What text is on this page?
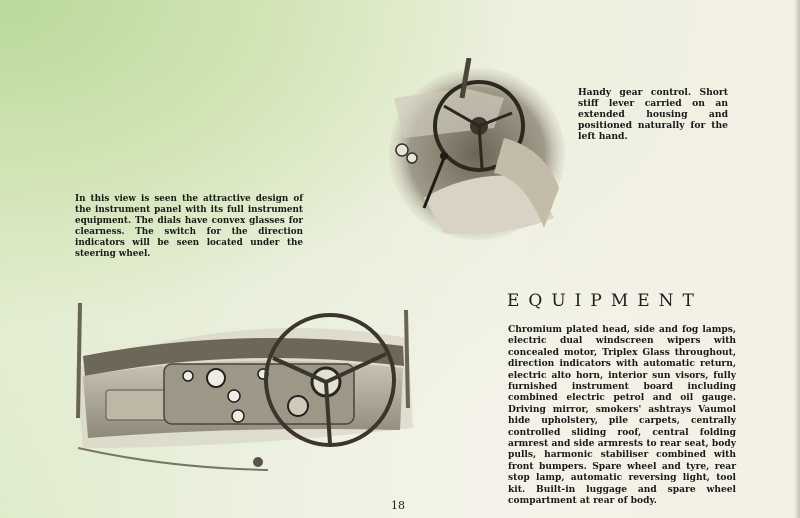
Handy gear control. Short stiff lever carried on an extended housing and positioned naturally for the left hand.
In this view is seen the attractive design of the instrument panel with its full instrument equipment. The dials have convex glasses for clearness. The switch for the direction indicators will be seen located under the steering wheel.
EQUIPMENT
Chromium plated head, side and fog lamps, electric dual windscreen wipers with concealed motor, Triplex Glass throughout, direction indicators with automatic return, electric alto horn, interior sun visors, fully furnished instrument board including combined electric petrol and oil gauge. Driving mirror, smokers' ashtrays Vaumol hide upholstery, pile carpets, centrally controlled sliding roof, central folding armrest and side armrests to rear seat, body pulls, harmonic stabiliser combined with front bumpers. Spare wheel and tyre, rear stop lamp, automatic reversing light, tool kit. Built-in luggage and spare wheel compartment at rear of body.
18
